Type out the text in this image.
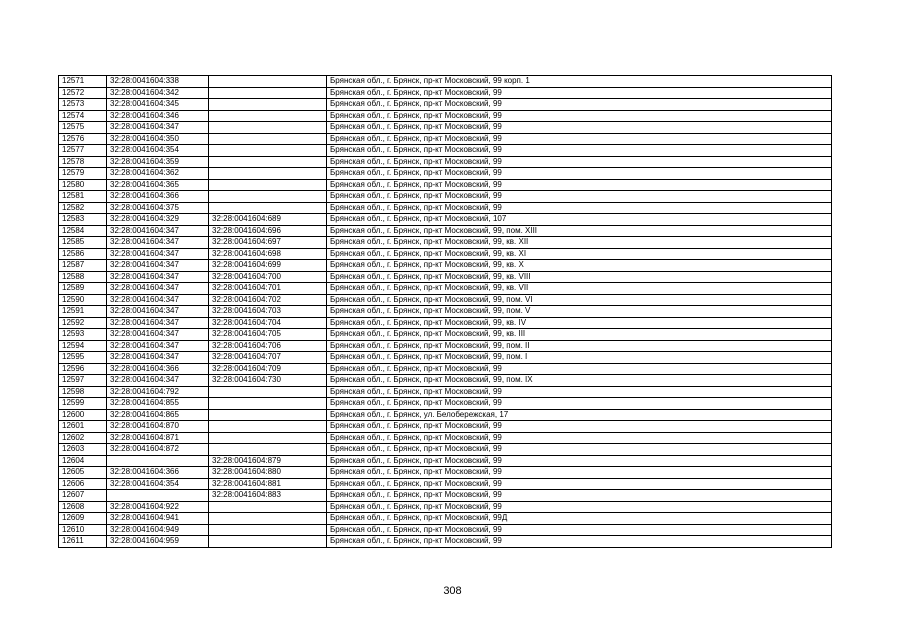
12571	32:28:0041604:338		Брянская обл., г. Брянск, пр-кт Московский, 99 корп. 1
12572	32:28:0041604:342		Брянская обл., г. Брянск, пр-кт Московский, 99
12573	32:28:0041604:345		Брянская обл., г. Брянск, пр-кт Московский, 99
12574	32:28:0041604:346		Брянская обл., г. Брянск, пр-кт Московский, 99
12575	32:28:0041604:347		Брянская обл., г. Брянск, пр-кт Московский, 99
12576	32:28:0041604:350		Брянская обл., г. Брянск, пр-кт Московский, 99
12577	32:28:0041604:354		Брянская обл., г. Брянск, пр-кт Московский, 99
12578	32:28:0041604:359		Брянская обл., г. Брянск, пр-кт Московский, 99
12579	32:28:0041604:362		Брянская обл., г. Брянск, пр-кт Московский, 99
12580	32:28:0041604:365		Брянская обл., г. Брянск, пр-кт Московский, 99
12581	32:28:0041604:366		Брянская обл., г. Брянск, пр-кт Московский, 99
12582	32:28:0041604:375		Брянская обл., г. Брянск, пр-кт Московский, 99
12583	32:28:0041604:329	32:28:0041604:689	Брянская обл., г. Брянск, пр-кт Московский, 107
12584	32:28:0041604:347	32:28:0041604:696	Брянская обл., г. Брянск, пр-кт Московский, 99, пом. XIII
12585	32:28:0041604:347	32:28:0041604:697	Брянская обл., г. Брянск, пр-кт Московский, 99, кв. XII
12586	32:28:0041604:347	32:28:0041604:698	Брянская обл., г. Брянск, пр-кт Московский, 99, кв. XI
12587	32:28:0041604:347	32:28:0041604:699	Брянская обл., г. Брянск, пр-кт Московский, 99, кв. X
12588	32:28:0041604:347	32:28:0041604:700	Брянская обл., г. Брянск, пр-кт Московский, 99, кв. VIII
12589	32:28:0041604:347	32:28:0041604:701	Брянская обл., г. Брянск, пр-кт Московский, 99, кв. VII
12590	32:28:0041604:347	32:28:0041604:702	Брянская обл., г. Брянск, пр-кт Московский, 99, пом. VI
12591	32:28:0041604:347	32:28:0041604:703	Брянская обл., г. Брянск, пр-кт Московский, 99, пом. V
12592	32:28:0041604:347	32:28:0041604:704	Брянская обл., г. Брянск, пр-кт Московский, 99, кв. IV
12593	32:28:0041604:347	32:28:0041604:705	Брянская обл., г. Брянск, пр-кт Московский, 99, кв. III
12594	32:28:0041604:347	32:28:0041604:706	Брянская обл., г. Брянск, пр-кт Московский, 99, пом. II
12595	32:28:0041604:347	32:28:0041604:707	Брянская обл., г. Брянск, пр-кт Московский, 99, пом. I
12596	32:28:0041604:366	32:28:0041604:709	Брянская обл., г. Брянск, пр-кт Московский, 99
12597	32:28:0041604:347	32:28:0041604:730	Брянская обл., г. Брянск, пр-кт Московский, 99, пом. IX
12598	32:28:0041604:792		Брянская обл., г. Брянск, пр-кт Московский, 99
12599	32:28:0041604:855		Брянская обл., г. Брянск, пр-кт Московский, 99
12600	32:28:0041604:865		Брянская обл., г. Брянск, ул. Белобережская, 17
12601	32:28:0041604:870		Брянская обл., г. Брянск, пр-кт Московский, 99
12602	32:28:0041604:871		Брянская обл., г. Брянск, пр-кт Московский, 99
12603	32:28:0041604:872		Брянская обл., г. Брянск, пр-кт Московский, 99
12604		32:28:0041604:879	Брянская обл., г. Брянск, пр-кт Московский, 99
12605	32:28:0041604:366	32:28:0041604:880	Брянская обл., г. Брянск, пр-кт Московский, 99
12606	32:28:0041604:354	32:28:0041604:881	Брянская обл., г. Брянск, пр-кт Московский, 99
12607		32:28:0041604:883	Брянская обл., г. Брянск, пр-кт Московский, 99
12608	32:28:0041604:922		Брянская обл., г. Брянск, пр-кт Московский, 99
12609	32:28:0041604:941		Брянская обл., г. Брянск, пр-кт Московский, 99Д
12610	32:28:0041604:949		Брянская обл., г. Брянск, пр-кт Московский, 99
12611	32:28:0041604:959		Брянская обл., г. Брянск, пр-кт Московский, 99
308
